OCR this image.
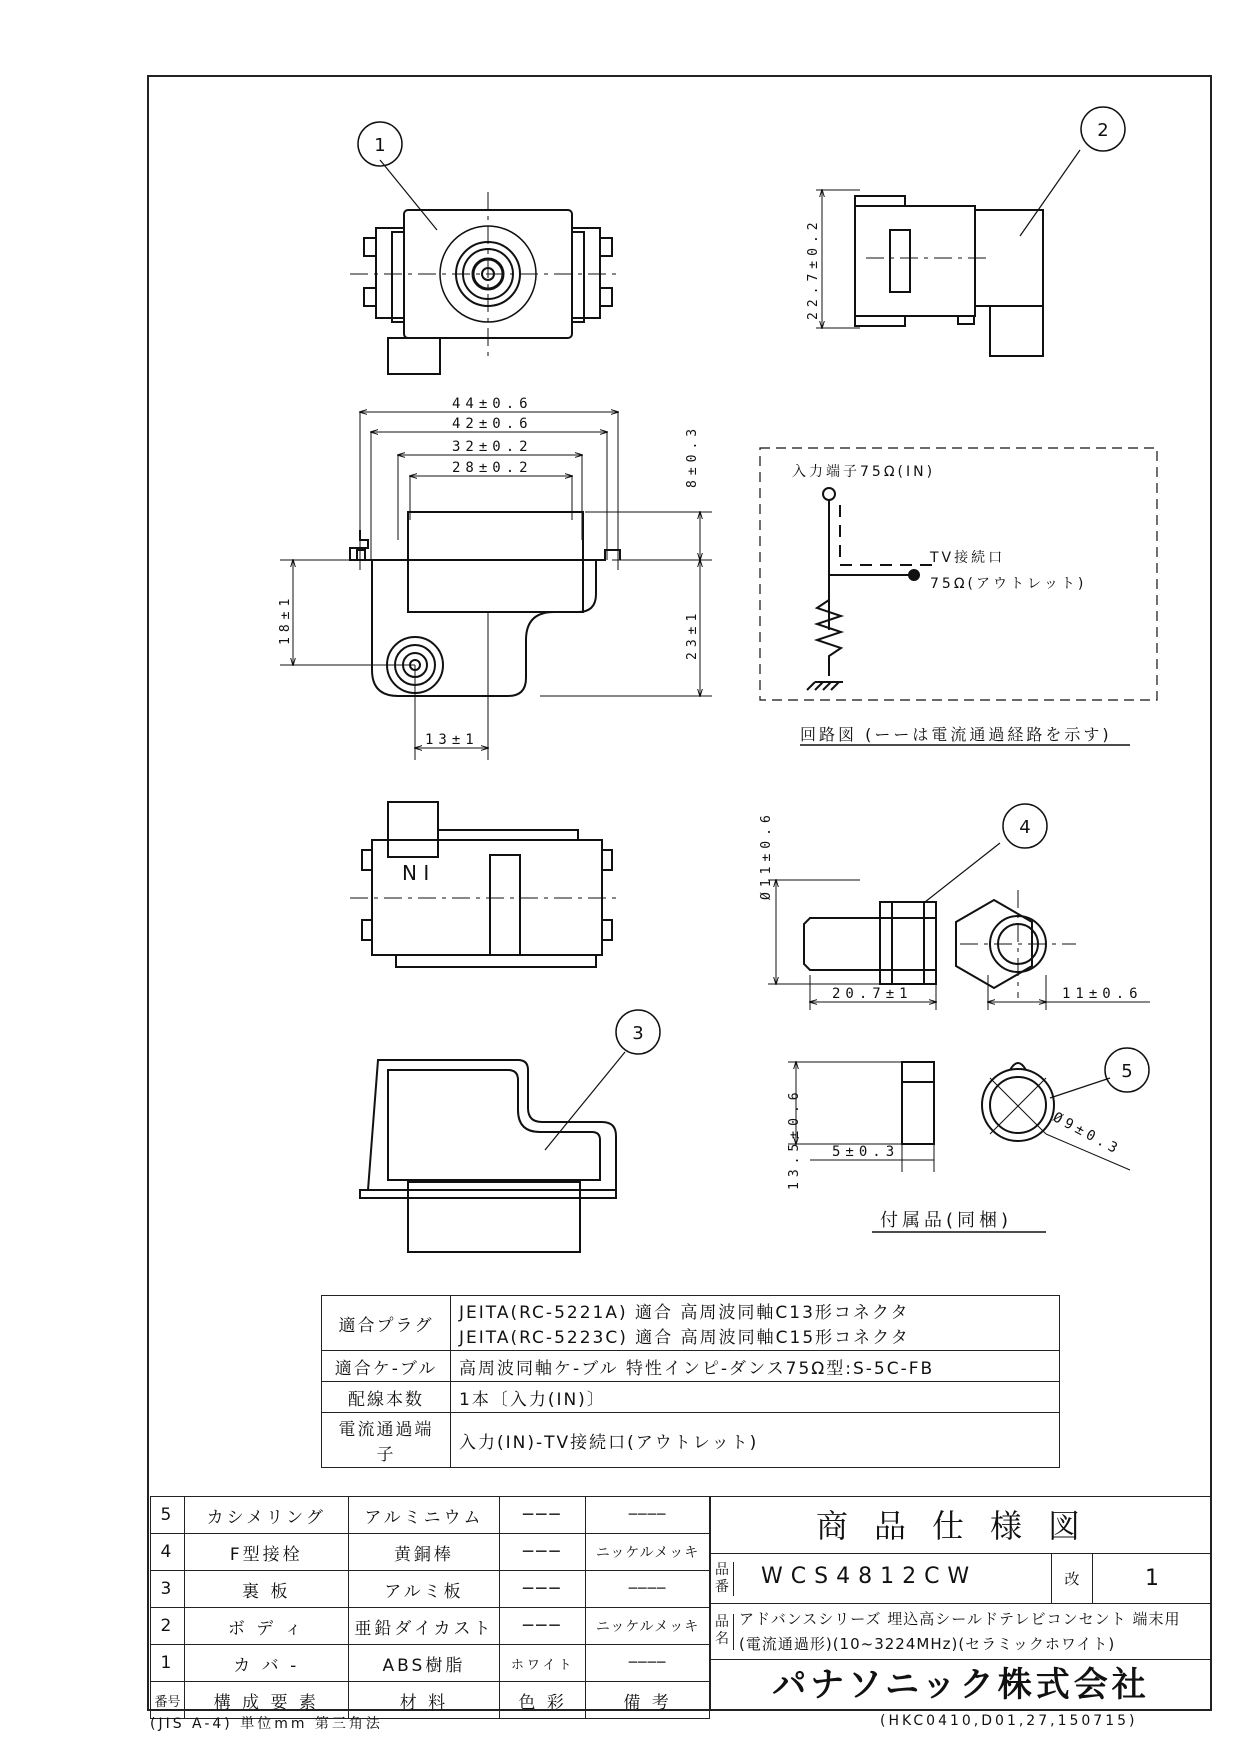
1
2
3
4
5
22.7±0.2
44±0.6
42±0.6
32±0.2
28±0.2	8±0.3
23±1
18±1
13±1
N I
入力端子75Ω(IN)
TV接続口
75Ω(アウトレット)
回路図 (ーーは電流通過経路を示す)
Ø11±0.6
20.7±1	11±0.6
13.5±0.6 5±0.3	Ø9±0.3
付属品(同梱)
適合プラグ	JEITA(RC-5221A) 適合 高周波同軸C13形コネクタ
JEITA(RC-5223C) 適合 高周波同軸C15形コネクタ

適合ケ-ブル	高周波同軸ケ-ブル 特性インピ-ダンス75Ω型:S-5C-FB
配線本数	1本〔入力(IN)〕
電流通過端子	入力(IN)-TV接続口(アウトレット)
5	カシメリング	アルミニウム	───	────
4	F型接栓	黄銅棒	───	ニッケルメッキ
3	裏 板	アルミ板	───	────
2	ボ デ ィ	亜鉛ダイカスト	───	ニッケルメッキ
1	カ バ -	ABS樹脂	ホワイト	────
番号	構 成 要 素	材 料	色 彩	備 考
商品仕様図
品番 WCS4812CW	改	1
品名
アドバンスシリーズ 埋込高シールドテレビコンセント 端末用
(電流通過形)(10~3224MHz)(セラミックホワイト)
パナソニック株式会社
(JIS A-4) 単位mm 第三角法	(HKC0410,D01,27,150715)
